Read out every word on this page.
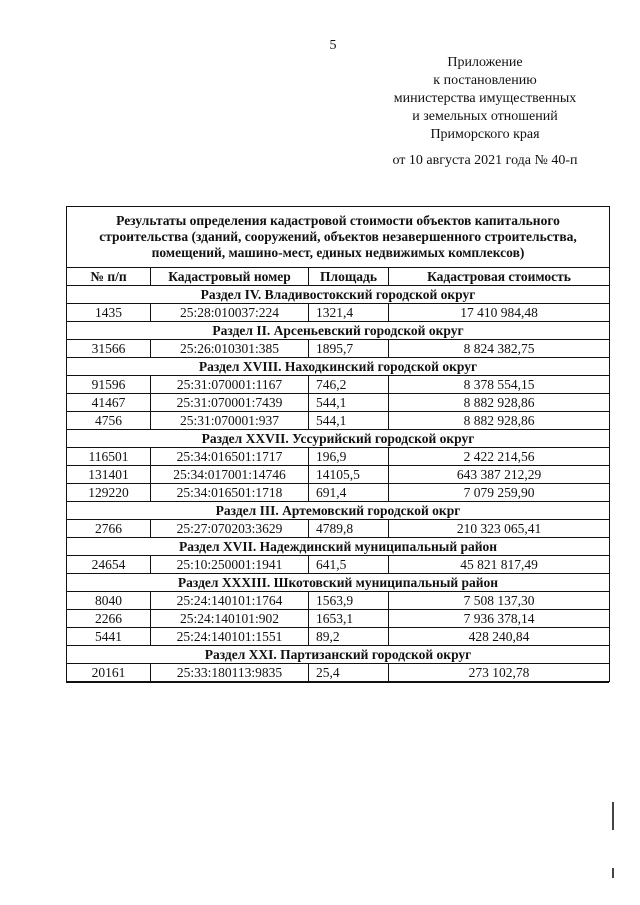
5
Приложение
к постановлению
министерства имущественных
и земельных отношений
Приморского края
от 10 августа 2021 года № 40-п
Результаты определения кадастровой стоимости объектов капитального строительства (зданий, сооружений, объектов незавершенного строительства, помещений, машино-мест, единых недвижимых комплексов)			
№ п/п	Кадастровый номер	Площадь	Кадастровая стоимость
Раздел IV. Владивостокский городской округ			
1435	25:28:010037:224	1321,4	17 410 984,48
Раздел II. Арсеньевский городской округ			
31566	25:26:010301:385	1895,7	8 824 382,75
Раздел XVIII. Находкинский городской округ			
91596	25:31:070001:1167	746,2	8 378 554,15
41467	25:31:070001:7439	544,1	8 882 928,86
4756	25:31:070001:937	544,1	8 882 928,86
Раздел XXVII. Уссурийский городской округ			
116501	25:34:016501:1717	196,9	2 422 214,56
131401	25:34:017001:14746	14105,5	643 387 212,29
129220	25:34:016501:1718	691,4	7 079 259,90
Раздел III. Артемовский городской окрг			
2766	25:27:070203:3629	4789,8	210 323 065,41
Раздел XVII. Надеждинский муниципальный район			
24654	25:10:250001:1941	641,5	45 821 817,49
Раздел XXXIII. Шкотовский муниципальный район			
8040	25:24:140101:1764	1563,9	7 508 137,30
2266	25:24:140101:902	1653,1	7 936 378,14
5441	25:24:140101:1551	89,2	428 240,84
Раздел XXI. Партизанский городской округ			
20161	25:33:180113:9835	25,4	273 102,78
